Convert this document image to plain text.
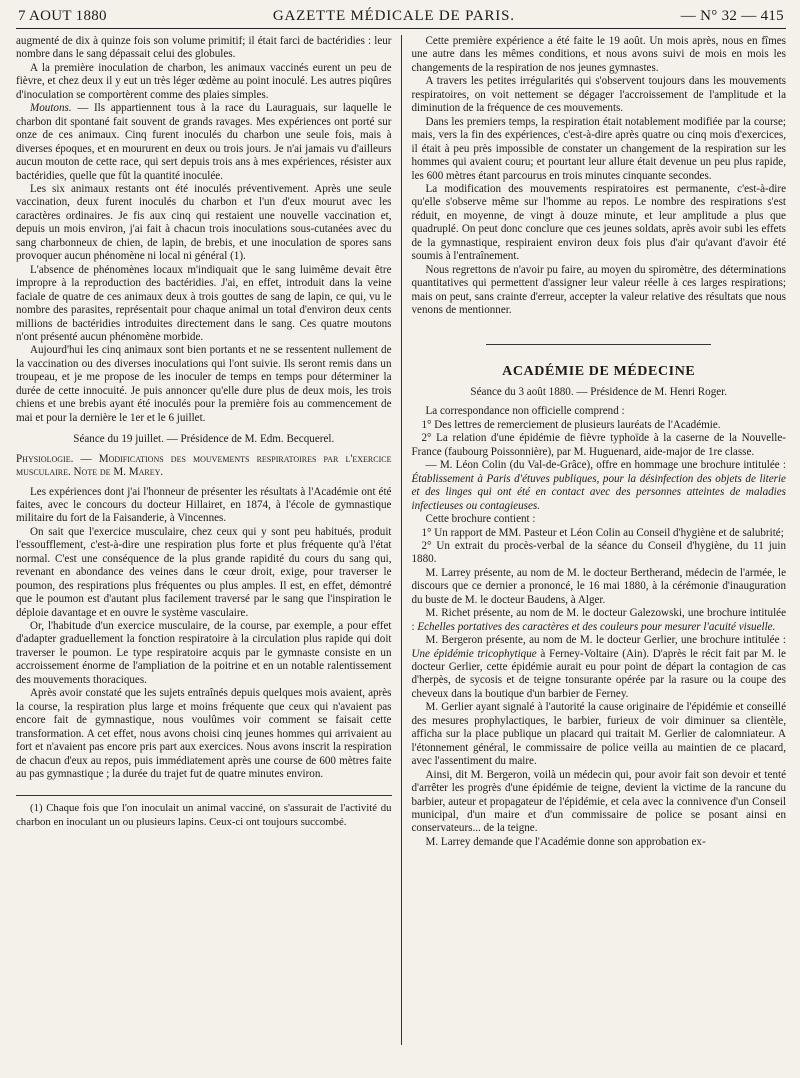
7 AOUT 1880	GAZETTE MÉDICALE DE PARIS.	— N° 32 — 415

augmenté de dix à quinze fois son volume primitif; il était farci de bactéridies : leur nombre dans le sang dépassait celui des globules.

A la première inoculation de charbon, les animaux vaccinés eurent un peu de fièvre, et chez deux il y eut un très léger œdème au point inoculé. Les autres piqûres d'inoculation se comportèrent comme des plaies simples.

Moutons. — Ils appartiennent tous à la race du Lauraguais, sur laquelle le charbon dit spontané fait souvent de grands ravages. Mes expériences ont porté sur onze de ces animaux. Cinq furent inoculés du charbon une seule fois, mais à diverses époques, et en moururent en deux ou trois jours. Je n'ai jamais vu d'ailleurs aucun mouton de cette race, qui sert depuis trois ans à mes expériences, résister aux bactéridies, quelle que fût la quantité inoculée.

Les six animaux restants ont été inoculés préventivement. Après une seule vaccination, deux furent inoculés du charbon et l'un d'eux mourut avec les caractères ordinaires. Je fis aux cinq qui restaient une nouvelle vaccination et, depuis un mois environ, j'ai fait à chacun trois inoculations sous-cutanées avec du sang charbonneux de chien, de lapin, de brebis, et une inoculation de spores sans provoquer aucun phénomène ni local ni général (1).

L'absence de phénomènes locaux m'indiquait que le sang luimême devait être impropre à la reproduction des bactéridies. J'ai, en effet, introduit dans la veine faciale de quatre de ces animaux deux à trois gouttes de sang de lapin, ce qui, vu le nombre des parasites, représentait pour chaque animal un total d'environ deux cents millions de bactéridies introduites directement dans le sang. Ces quatre moutons n'ont présenté aucun phénomène morbide.

Aujourd'hui les cinq animaux sont bien portants et ne se ressentent nullement de la vaccination ou des diverses inoculations qui l'ont suivie. Ils seront remis dans un troupeau, et je me propose de les inoculer de temps en temps pour déterminer la durée de cette innocuité. Je puis annoncer qu'elle dure plus de deux mois, les trois chiens et une brebis ayant été inoculés pour la première fois au commencement de mai et pour la dernière le 1er et le 6 juillet.

Séance du 19 juillet. — Présidence de M. Edm. Becquerel.

Physiologie. — Modifications des mouvements respiratoires par l'exercice musculaire. Note de M. Marey.

Les expériences dont j'ai l'honneur de présenter les résultats à l'Académie ont été faites, avec le concours du docteur Hillairet, en 1874, à l'école de gymnastique militaire du fort de la Faisanderie, à Vincennes.

On sait que l'exercice musculaire, chez ceux qui y sont peu habitués, produit l'essoufflement, c'est-à-dire une respiration plus forte et plus fréquente qu'à l'état normal. C'est une conséquence de la plus grande rapidité du cours du sang qui, revenant en abondance des veines dans le cœur droit, exige, pour traverser le poumon, des respirations plus fréquentes ou plus amples. Il est, en effet, démontré que le poumon est d'autant plus facilement traversé par le sang que l'inspiration le déploie davantage et en ouvre le système vasculaire.

Or, l'habitude d'un exercice musculaire, de la course, par exemple, a pour effet d'adapter graduellement la fonction respiratoire à la circulation plus rapide qui doit traverser le poumon. Le type respiratoire acquis par le gymnaste consiste en un accroissement énorme de l'ampliation de la poitrine et en un notable ralentissement des mouvements thoraciques.

Après avoir constaté que les sujets entraînés depuis quelques mois avaient, après la course, la respiration plus large et moins fréquente que ceux qui n'avaient pas encore fait de gymnastique, nous voulûmes voir comment se faisait cette transformation. A cet effet, nous avons choisi cinq jeunes hommes qui arrivaient au fort et n'avaient pas encore pris part aux exercices. Nous avons inscrit la respiration de chacun d'eux au repos, puis immédiatement après une course de 600 mètres faite au pas gymnastique ; la durée du trajet fut de quatre minutes environ.

(1) Chaque fois que l'on inoculait un animal vacciné, on s'assurait de l'activité du charbon en inoculant un ou plusieurs lapins. Ceux-ci ont toujours succombé.

Cette première expérience a été faite le 19 août. Un mois après, nous en fîmes une autre dans les mêmes conditions, et nous avons suivi de mois en mois les changements de la respiration de nos jeunes gymnastes.

A travers les petites irrégularités qui s'observent toujours dans les mouvements respiratoires, on voit nettement se dégager l'accroissement de l'amplitude et la diminution de la fréquence de ces mouvements.

Dans les premiers temps, la respiration était notablement modifiée par la course; mais, vers la fin des expériences, c'est-à-dire après quatre ou cinq mois d'exercices, il était à peu près impossible de constater un changement de la respiration sur les hommes qui avaient couru; et pourtant leur allure était devenue un peu plus rapide, les 600 mètres étant parcourus en trois minutes cinquante secondes.

La modification des mouvements respiratoires est permanente, c'est-à-dire qu'elle s'observe même sur l'homme au repos. Le nombre des respirations s'est réduit, en moyenne, de vingt à douze minute, et leur amplitude a plus que quadruplé. On peut donc conclure que ces jeunes soldats, après avoir subi les effets de la gymnastique, respiraient environ deux fois plus d'air qu'avant d'avoir été soumis à l'entraînement.

Nous regrettons de n'avoir pu faire, au moyen du spiromètre, des déterminations quantitatives qui permettent d'assigner leur valeur réelle à ces larges respirations; mais on peut, sans crainte d'erreur, accepter la valeur relative des résultats que nous venons de mentionner.

ACADÉMIE DE MÉDECINE

Séance du 3 août 1880. — Présidence de M. Henri Roger.

La correspondance non officielle comprend :

1° Des lettres de remerciement de plusieurs lauréats de l'Académie.

2° La relation d'une épidémie de fièvre typhoïde à la caserne de la Nouvelle-France (faubourg Poissonnière), par M. Huguenard, aide-major de 1re classe.

— M. Léon Colin (du Val-de-Grâce), offre en hommage une brochure intitulée : Établissement à Paris d'étuves publiques, pour la désinfection des objets de literie et des linges qui ont été en contact avec des personnes atteintes de maladies infectieuses ou contagieuses.

Cette brochure contient :

1° Un rapport de MM. Pasteur et Léon Colin au Conseil d'hygiène et de salubrité;

2° Un extrait du procès-verbal de la séance du Conseil d'hygiène, du 11 juin 1880.

M. Larrey présente, au nom de M. le docteur Bertherand, médecin de l'armée, le discours que ce dernier a prononcé, le 16 mai 1880, à la cérémonie d'inauguration du buste de M. le docteur Baudens, à Alger.

M. Richet présente, au nom de M. le docteur Galezowski, une brochure intitulée : Echelles portatives des caractères et des couleurs pour mesurer l'acuité visuelle.

M. Bergeron présente, au nom de M. le docteur Gerlier, une brochure intitulée : Une épidémie tricophytique à Ferney-Voltaire (Ain). D'après le récit fait par M. le docteur Gerlier, cette épidémie aurait eu pour point de départ la contagion de cas d'herpès, de sycosis et de teigne tonsurante opérée par la rasure ou la coupe des cheveux dans la boutique d'un barbier de Ferney.

M. Gerlier ayant signalé à l'autorité la cause originaire de l'épidémie et conseillé des mesures prophylactiques, le barbier, furieux de voir diminuer sa clientèle, afficha sur la place publique un placard qui traitait M. Gerlier de calomniateur. A l'étonnement général, le commissaire de police veilla au maintien de ce placard, avec l'assentiment du maire.

Ainsi, dit M. Bergeron, voilà un médecin qui, pour avoir fait son devoir et tenté d'arrêter les progrès d'une épidémie de teigne, devient la victime de la rancune du barbier, auteur et propagateur de l'épidémie, et cela avec la connivence d'un Conseil municipal, d'un maire et d'un commissaire de police se posant ainsi en conservateurs... de la teigne.

M. Larrey demande que l'Académie donne son approbation ex-
